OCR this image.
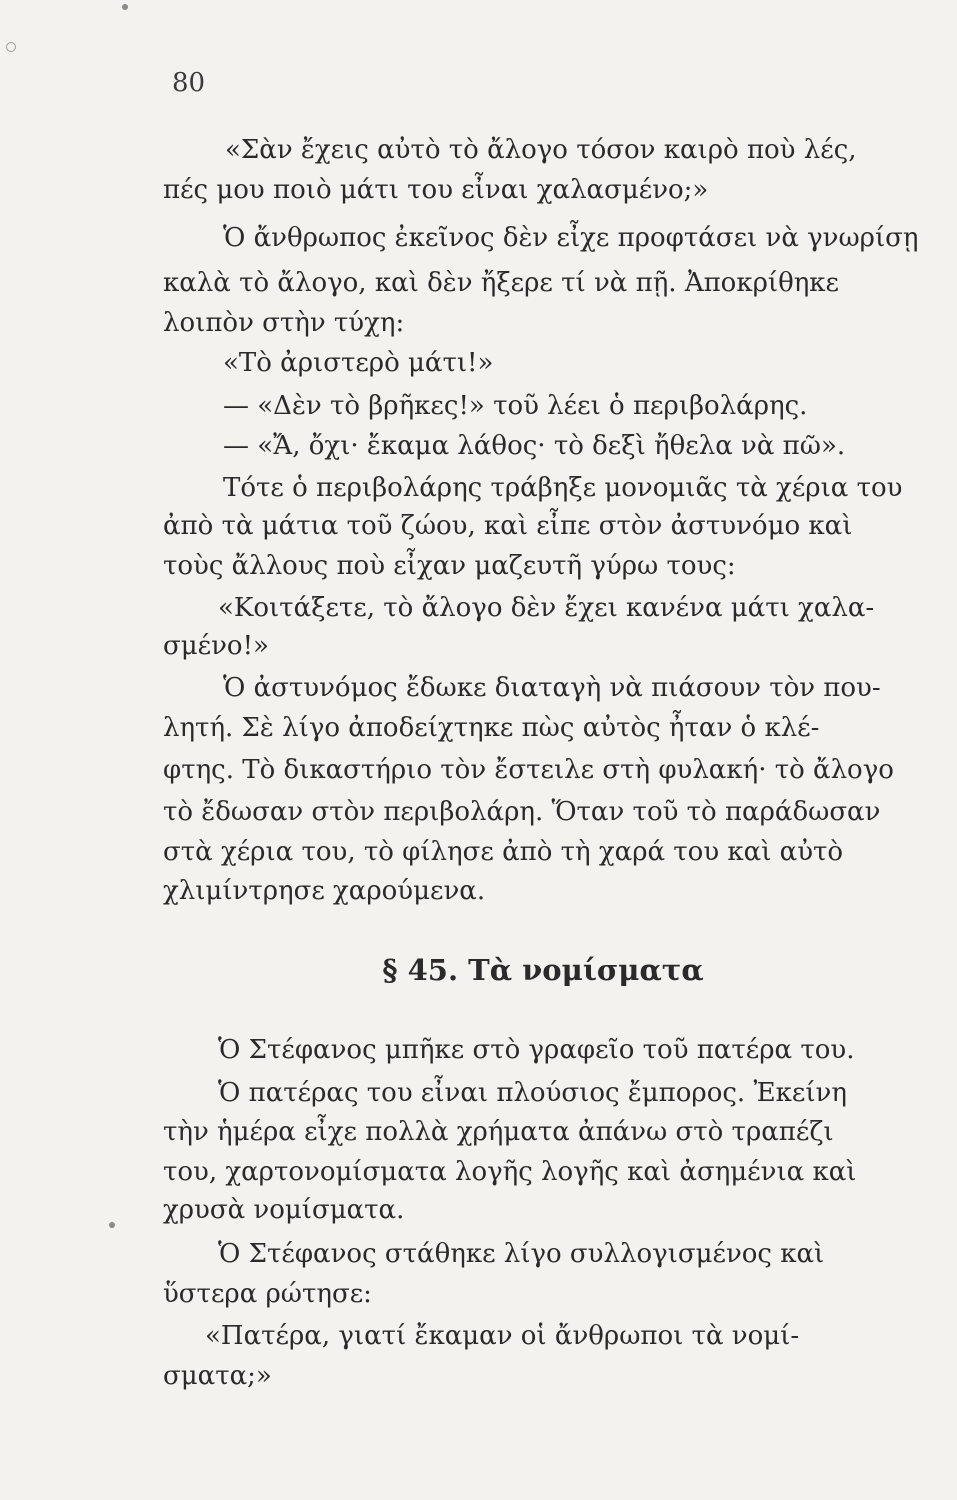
80
«Σὰν ἔχεις αὐτὸ τὸ ἄλογο τόσον καιρὸ ποὺ λές,
πές μου ποιὸ μάτι του εἶναι χαλασμένο;»
Ὁ ἄνθρωπος ἐκεῖνος δὲν εἶχε προφτάσει νὰ γνωρίσῃ
καλὰ τὸ ἄλογο, καὶ δὲν ἤξερε τί νὰ πῇ. Ἀποκρίθηκε
λοιπὸν στὴν τύχη:
«Τὸ ἀριστερὸ μάτι!»
— «Δὲν τὸ βρῆκες!» τοῦ λέει ὁ περιβολάρης.
— «Ἄ, ὄχι· ἔκαμα λάθος· τὸ δεξὶ ἤθελα νὰ πῶ».
Τότε ὁ περιβολάρης τράβηξε μονομιᾶς τὰ χέρια του
ἀπὸ τὰ μάτια τοῦ ζώου, καὶ εἶπε στὸν ἀστυνόμο καὶ
τοὺς ἄλλους ποὺ εἶχαν μαζευτῆ γύρω τους:
«Κοιτάξετε, τὸ ἄλογο δὲν ἔχει κανένα μάτι χαλα-
σμένο!»
Ὁ ἀστυνόμος ἔδωκε διαταγὴ νὰ πιάσουν τὸν που-
λητή. Σὲ λίγο ἀποδείχτηκε πὼς αὐτὸς ἦταν ὁ κλέ-
φτης. Τὸ δικαστήριο τὸν ἔστειλε στὴ φυλακή· τὸ ἄλογο
τὸ ἔδωσαν στὸν περιβολάρη. Ὅταν τοῦ τὸ παράδωσαν
στὰ χέρια του, τὸ φίλησε ἀπὸ τὴ χαρά του καὶ αὐτὸ
χλιμίντρησε χαρούμενα.
§ 45. Τὰ νομίσματα
Ὁ Στέφανος μπῆκε στὸ γραφεῖο τοῦ πατέρα του.
Ὁ πατέρας του εἶναι πλούσιος ἔμπορος. Ἐκείνη
τὴν ἡμέρα εἶχε πολλὰ χρήματα ἀπάνω στὸ τραπέζι
του, χαρτονομίσματα λογῆς λογῆς καὶ ἀσημένια καὶ
χρυσὰ νομίσματα.
Ὁ Στέφανος στάθηκε λίγο συλλογισμένος καὶ
ὕστερα ρώτησε:
«Πατέρα, γιατί ἔκαμαν οἱ ἄνθρωποι τὰ νομί-
σματα;»
